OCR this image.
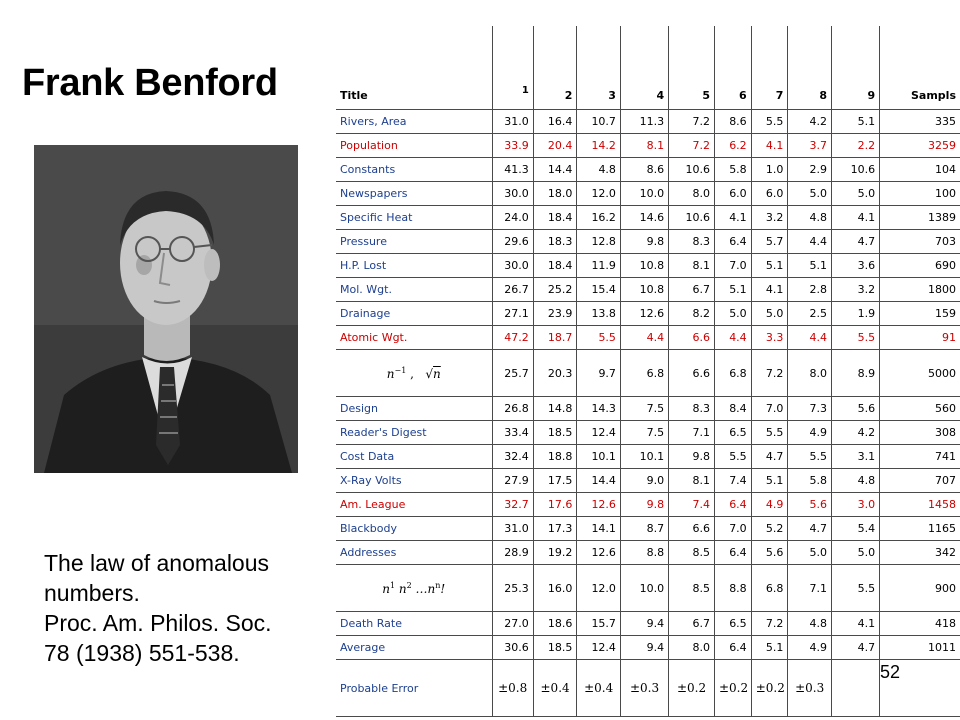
Frank Benford
The law of anomalous
numbers.
Proc. Am. Philos. Soc.
78 (1938) 551-538.
52
Title	1	2	3	4	5	6	7	8	9	Sampls
Rivers, Area	31.0	16.4	10.7	11.3	7.2	8.6	5.5	4.2	5.1	335
Population	33.9	20.4	14.2	8.1	7.2	6.2	4.1	3.7	2.2	3259
Constants	41.3	14.4	4.8	8.6	10.6	5.8	1.0	2.9	10.6	104
Newspapers	30.0	18.0	12.0	10.0	8.0	6.0	6.0	5.0	5.0	100
Specific Heat	24.0	18.4	16.2	14.6	10.6	4.1	3.2	4.8	4.1	1389
Pressure	29.6	18.3	12.8	9.8	8.3	6.4	5.7	4.4	4.7	703
H.P. Lost	30.0	18.4	11.9	10.8	8.1	7.0	5.1	5.1	3.6	690
Mol. Wgt.	26.7	25.2	15.4	10.8	6.7	5.1	4.1	2.8	3.2	1800
Drainage	27.1	23.9	13.8	12.6	8.2	5.0	5.0	2.5	1.9	159
Atomic Wgt.	47.2	18.7	5.5	4.4	6.6	4.4	3.3	4.4	5.5	91
$n^{-1}$ ,   √n	25.7	20.3	9.7	6.8	6.6	6.8	7.2	8.0	8.9	5000
Design	26.8	14.8	14.3	7.5	8.3	8.4	7.0	7.3	5.6	560
Reader's Digest	33.4	18.5	12.4	7.5	7.1	6.5	5.5	4.9	4.2	308
Cost Data	32.4	18.8	10.1	10.1	9.8	5.5	4.7	5.5	3.1	741
X-Ray Volts	27.9	17.5	14.4	9.0	8.1	7.4	5.1	5.8	4.8	707
Am. League	32.7	17.6	12.6	9.8	7.4	6.4	4.9	5.6	3.0	1458
Blackbody	31.0	17.3	14.1	8.7	6.6	7.0	5.2	4.7	5.4	1165
Addresses	28.9	19.2	12.6	8.8	8.5	6.4	5.6	5.0	5.0	342
$n^1$ $n^2$ $\dots n^n$!	25.3	16.0	12.0	10.0	8.5	8.8	6.8	7.1	5.5	900
Death Rate	27.0	18.6	15.7	9.4	6.7	6.5	7.2	4.8	4.1	418
Average	30.6	18.5	12.4	9.4	8.0	6.4	5.1	4.9	4.7	1011
Probable Error	±0.8	±0.4	±0.4	±0.3	±0.2	±0.2	±0.2	±0.3		
